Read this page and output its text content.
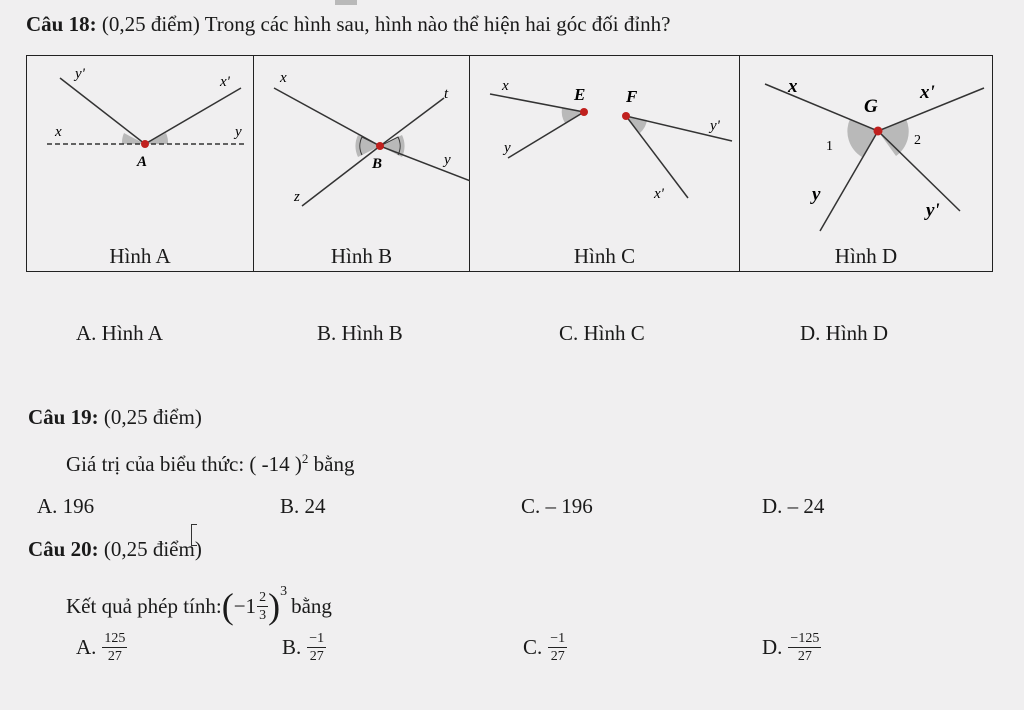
Câu 18: (0,25 điểm) Trong các hình sau, hình nào thể hiện hai góc đối đỉnh?
y'	x'
x	y
A
Hình A
x
t
y
z
B
Hình B
x
y
y'
x'
E F
Hình C
x	x'
1	2
y
y'
G
Hình D
A. Hình A	B. Hình B	C. Hình C	D. Hình D
Câu 19: (0,25 điểm)
Giá trị của biểu thức: ( -14 )$^2$ bằng
A. 196	B. 24	C. – 196	D. – 24
Câu 20: (0,25 điểm)
Kết quả phép tính: ( $-1 \frac{2}{3}$ ) 3
bằng
A. $\frac{125}{27}$	B. $\frac{-1}{27}$	C. $\frac{-1}{27}$	D. $\frac{-125}{27}$
